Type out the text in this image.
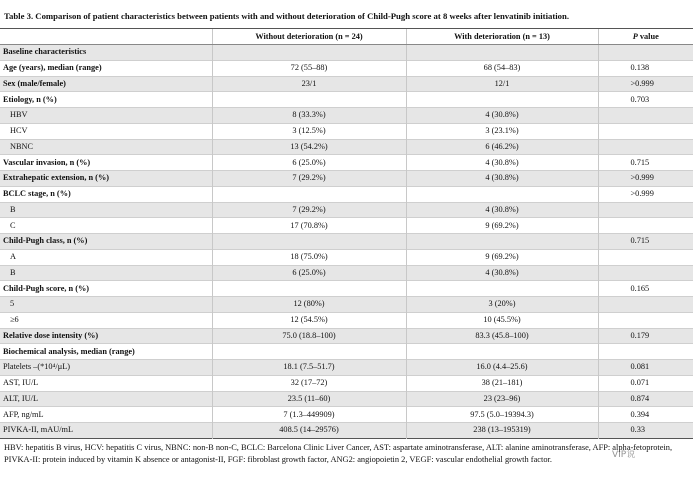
Table 3. Comparison of patient characteristics between patients with and without deterioration of Child-Pugh score at 8 weeks after lenvatinib initiation.
	Without deterioration (n = 24)	With deterioration (n = 13)	P value
Baseline characteristics			
Age (years), median (range)	72 (55–88)	68 (54–83)	0.138
Sex (male/female)	23/1	12/1	>0.999
Etiology, n (%)			0.703
HBV	8 (33.3%)	4 (30.8%)	
HCV	3 (12.5%)	3 (23.1%)	
NBNC	13 (54.2%)	6 (46.2%)	
Vascular invasion, n (%)	6 (25.0%)	4 (30.8%)	0.715
Extrahepatic extension, n (%)	7 (29.2%)	4 (30.8%)	>0.999
BCLC stage, n (%)			>0.999
B	7 (29.2%)	4 (30.8%)	
C	17 (70.8%)	9 (69.2%)	
Child-Pugh class, n (%)			0.715
A	18 (75.0%)	9 (69.2%)	
B	6 (25.0%)	4 (30.8%)	
Child-Pugh score, n (%)			0.165
5	12 (80%)	3 (20%)	
≥6	12 (54.5%)	10 (45.5%)	
Relative dose intensity (%)	75.0 (18.8–100)	83.3 (45.8–100)	0.179
Biochemical analysis, median (range)			
Platelets –(*10⁴/μL)	18.1 (7.5–51.7)	16.0 (4.4–25.6)	0.081
AST, IU/L	32 (17–72)	38 (21–181)	0.071
ALT, IU/L	23.5 (11–60)	23 (23–96)	0.874
AFP, ng/mL	7 (1.3–449909)	97.5 (5.0–19394.3)	0.394
PIVKA-II, mAU/mL	408.5 (14–29576)	238 (13–195319)	0.33
HBV: hepatitis B virus, HCV: hepatitis C virus, NBNC: non-B non-C, BCLC: Barcelona Clinic Liver Cancer, AST: aspartate aminotransferase, ALT: alanine aminotransferase, AFP: alpha-fetoprotein, PIVKA-II: protein induced by vitamin K absence or antagonist-II, FGF: fibroblast growth factor, ANG2: angiopoietin 2, VEGF: vascular endothelial growth factor.	VIP说
